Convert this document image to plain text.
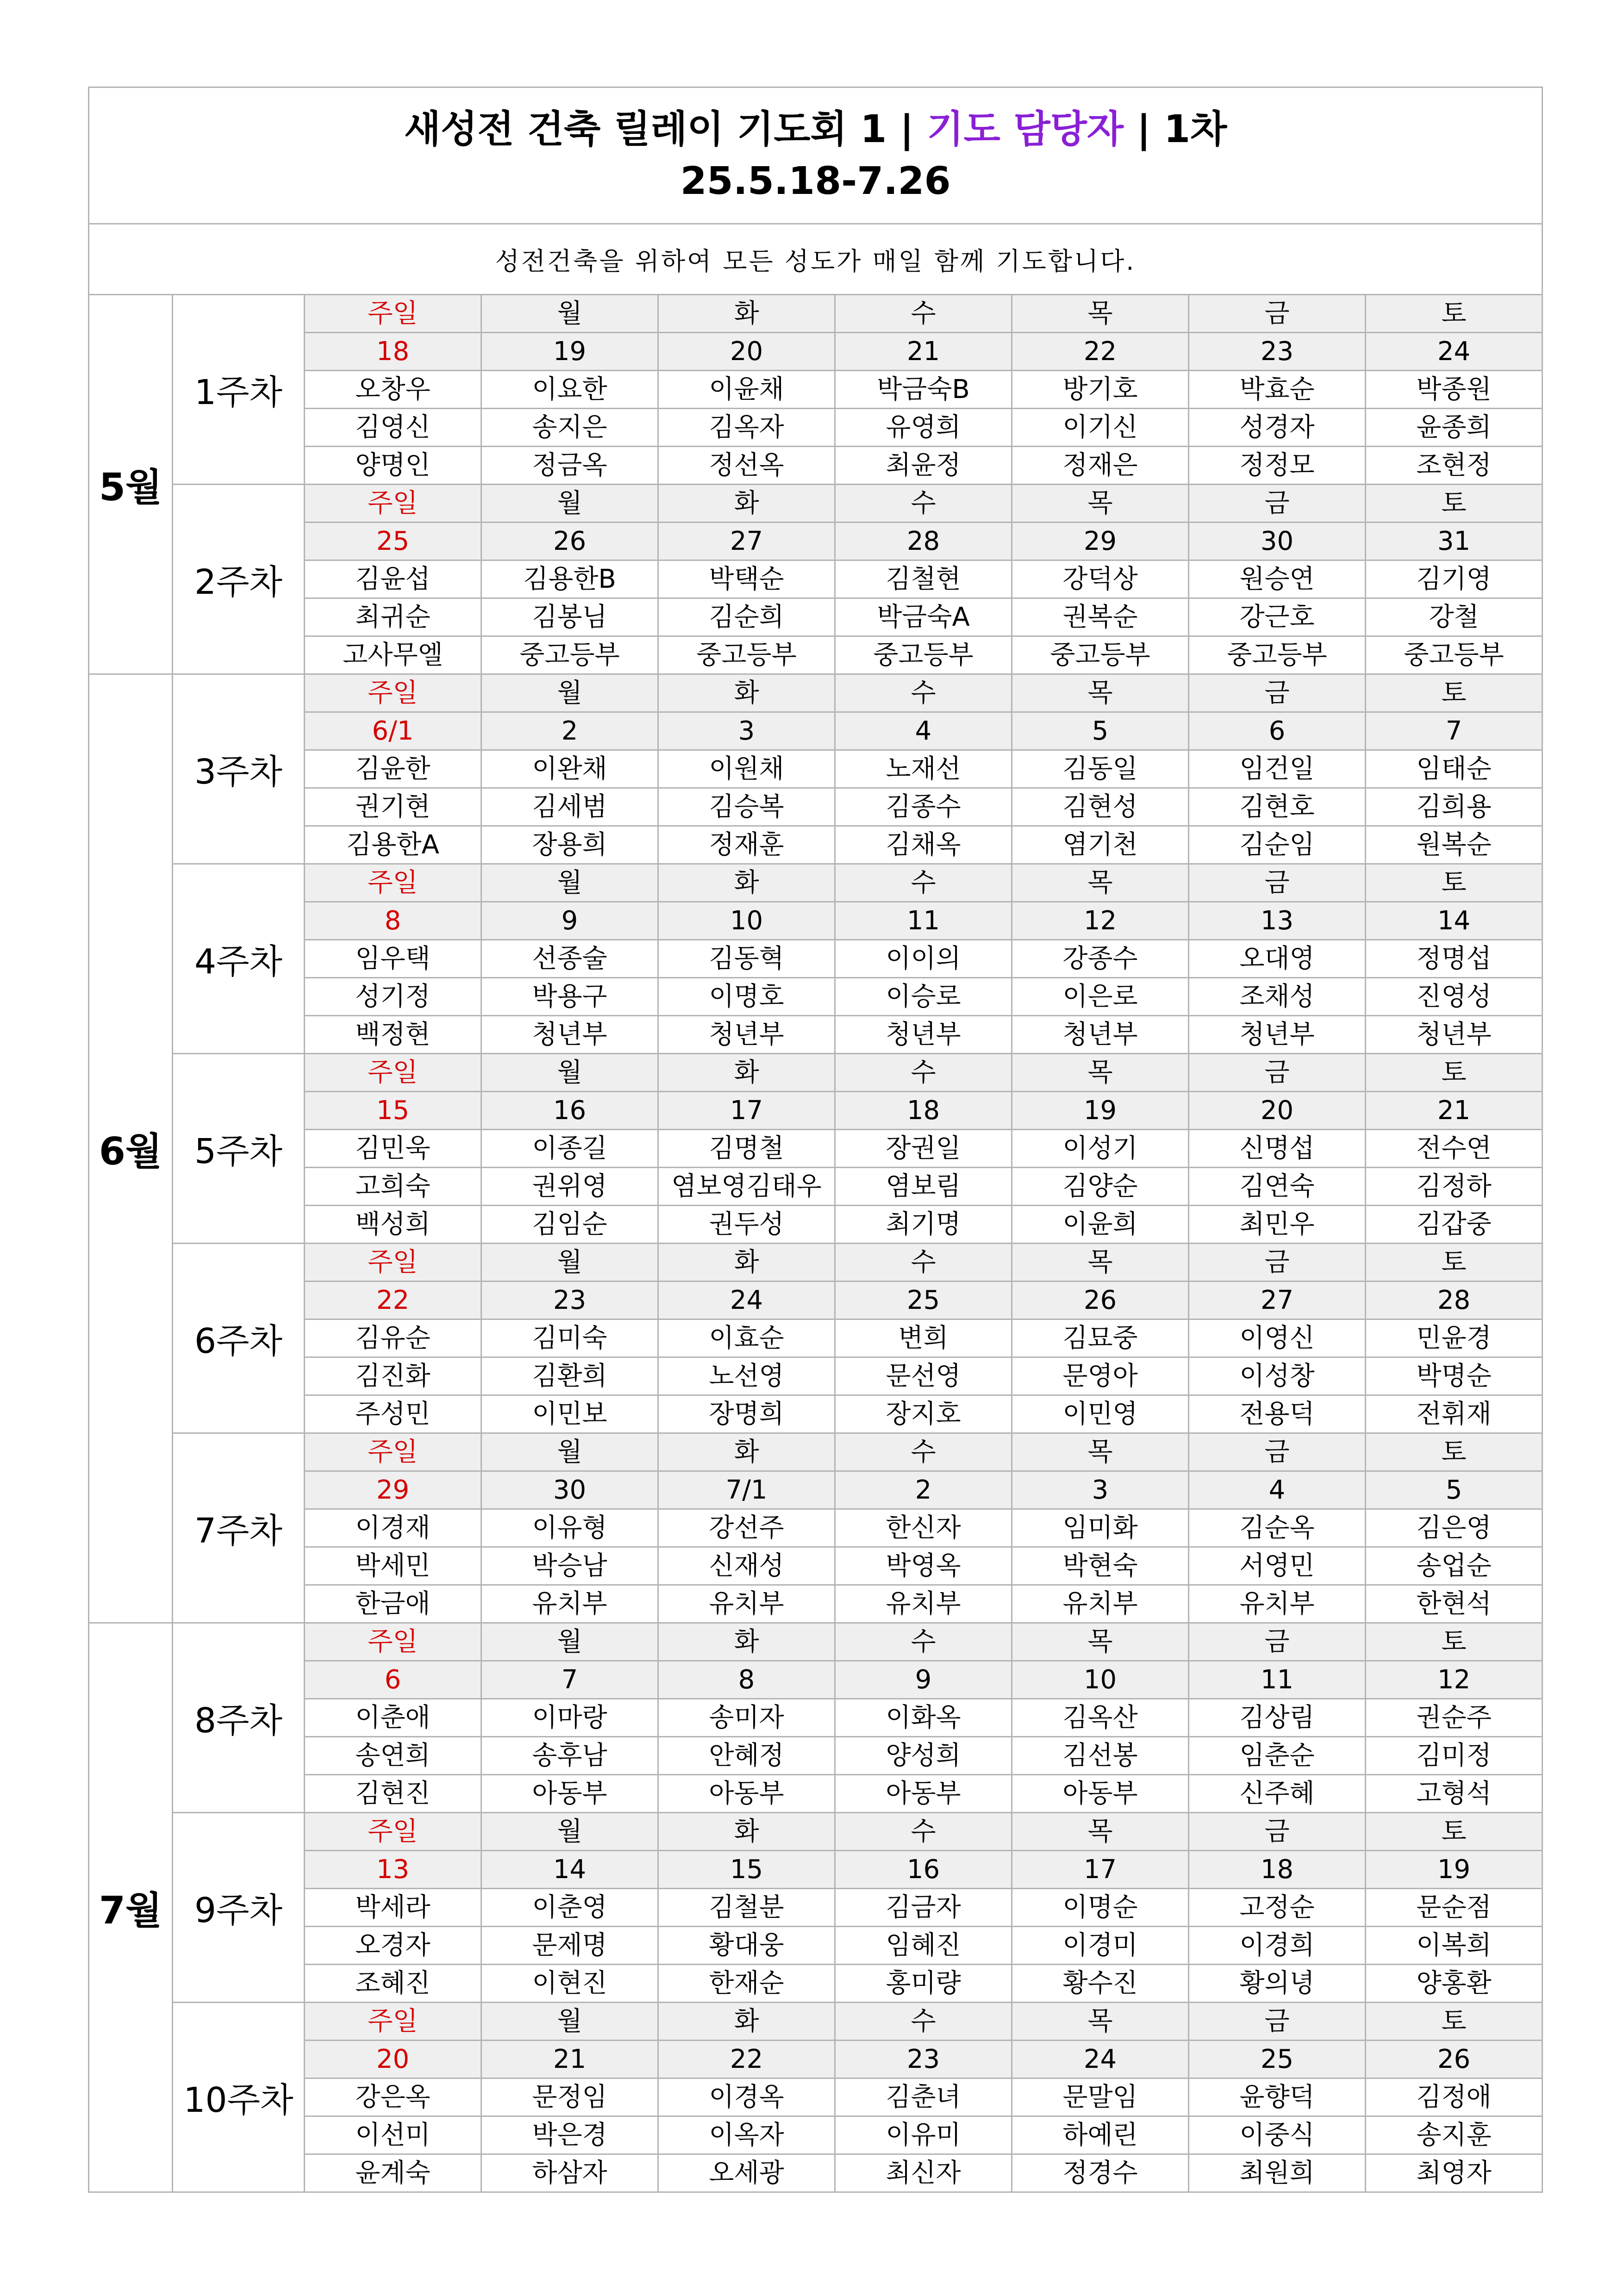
새성전 건축 릴레이 기도회 1 | 기도 담당자 | 1차
25.5.18-7.26								

성전건축을 위하여 모든 성도가 매일 함께 기도합니다.								
5월	1주차	주일	월	화	수	목	금	토
		18	19	20	21	22	23	24
		오창우	이요한	이윤채	박금숙B	방기호	박효순	박종원
		김영신	송지은	김옥자	유영희	이기신	성경자	윤종희
		양명인	정금옥	정선옥	최윤정	정재은	정정모	조현정
	2주차	주일	월	화	수	목	금	토
		25	26	27	28	29	30	31
		김윤섭	김용한B	박택순	김철현	강덕상	원승연	김기영
		최귀순	김봉님	김순희	박금숙A	권복순	강근호	강철
		고사무엘	중고등부	중고등부	중고등부	중고등부	중고등부	중고등부
6월	3주차	주일	월	화	수	목	금	토
		6/1	2	3	4	5	6	7
		김윤한	이완채	이원채	노재선	김동일	임건일	임태순
		권기현	김세범	김승복	김종수	김현성	김현호	김희용
		김용한A	장용희	정재훈	김채옥	염기천	김순임	원복순
	4주차	주일	월	화	수	목	금	토
		8	9	10	11	12	13	14
		임우택	선종술	김동혁	이이의	강종수	오대영	정명섭
		성기정	박용구	이명호	이승로	이은로	조채성	진영성
		백정현	청년부	청년부	청년부	청년부	청년부	청년부
	5주차	주일	월	화	수	목	금	토
		15	16	17	18	19	20	21
		김민욱	이종길	김명철	장권일	이성기	신명섭	전수연
		고희숙	권위영	염보영김태우	염보림	김양순	김연숙	김정하
		백성희	김임순	권두성	최기명	이윤희	최민우	김갑중
	6주차	주일	월	화	수	목	금	토
		22	23	24	25	26	27	28
		김유순	김미숙	이효순	변희	김묘중	이영신	민윤경
		김진화	김환희	노선영	문선영	문영아	이성창	박명순
		주성민	이민보	장명희	장지호	이민영	전용덕	전휘재
	7주차	주일	월	화	수	목	금	토
		29	30	7/1	2	3	4	5
		이경재	이유형	강선주	한신자	임미화	김순옥	김은영
		박세민	박승남	신재성	박영옥	박현숙	서영민	송업순
		한금애	유치부	유치부	유치부	유치부	유치부	한현석
7월	8주차	주일	월	화	수	목	금	토
		6	7	8	9	10	11	12
		이춘애	이마랑	송미자	이화옥	김옥산	김상림	권순주
		송연희	송후남	안혜정	양성희	김선봉	임춘순	김미정
		김현진	아동부	아동부	아동부	아동부	신주혜	고형석
	9주차	주일	월	화	수	목	금	토
		13	14	15	16	17	18	19
		박세라	이춘영	김철분	김금자	이명순	고정순	문순점
		오경자	문제명	황대웅	임혜진	이경미	이경희	이복희
		조혜진	이현진	한재순	홍미량	황수진	황의녕	양홍환
	10주차	주일	월	화	수	목	금	토
		20	21	22	23	24	25	26
		강은옥	문정임	이경옥	김춘녀	문말임	윤향덕	김정애
		이선미	박은경	이옥자	이유미	하예린	이중식	송지훈
		윤계숙	하삼자	오세광	최신자	정경수	최원희	최영자
